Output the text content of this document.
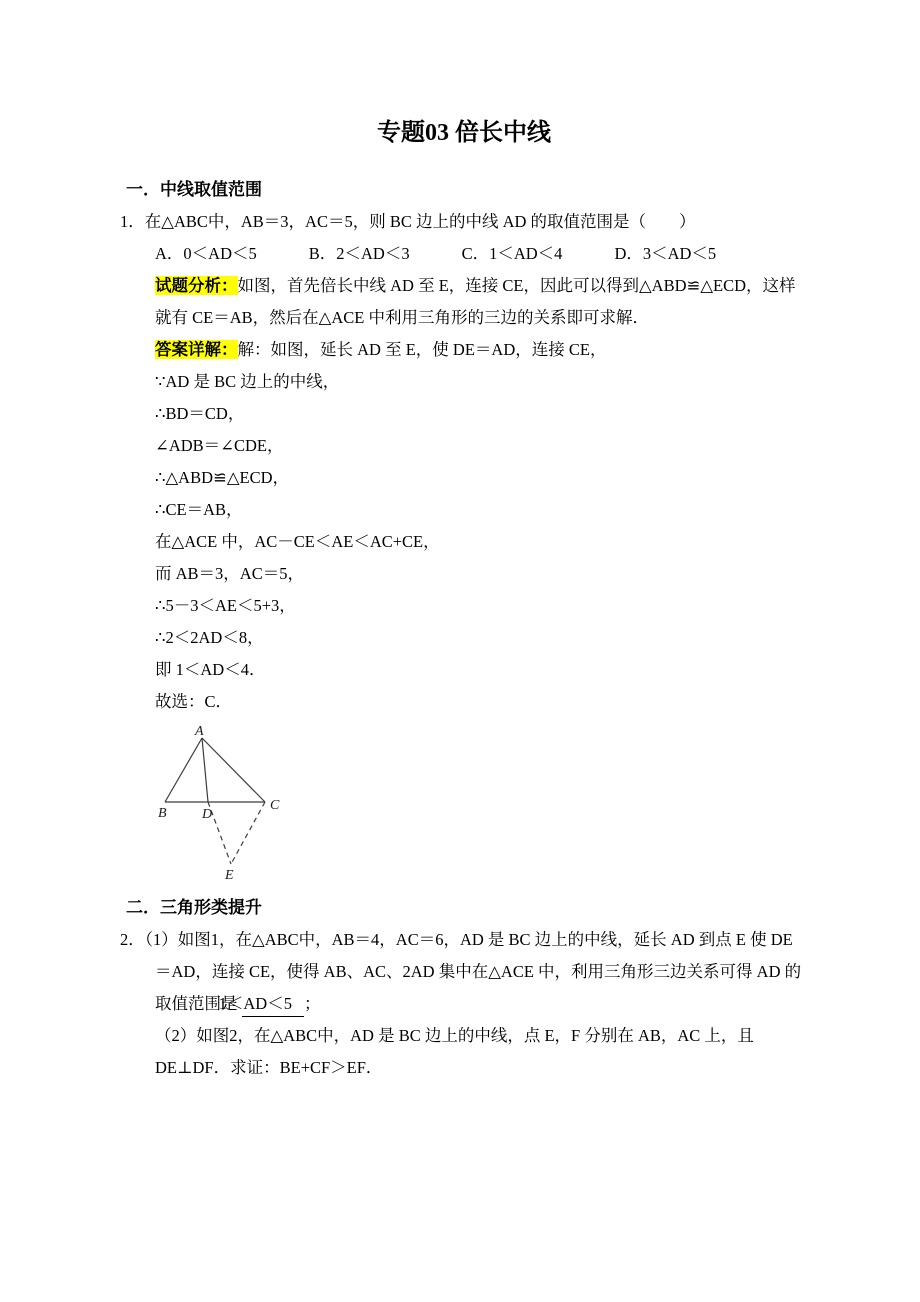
专题03 倍长中线
一．中线取值范围
1．在△ABC中，AB＝3，AC＝5，则 BC 边上的中线 AD 的取值范围是（　　）
A．0＜AD＜5	B．2＜AD＜3	C．1＜AD＜4	D．3＜AD＜5
试题分析：如图，首先倍长中线 AD 至 E，连接 CE，因此可以得到△ABD≌△ECD，这样就有 CE＝AB，然后在△ACE 中利用三角形的三边的关系即可求解．
答案详解：解：如图，延长 AD 至 E，使 DE＝AD，连接 CE，
∵AD 是 BC 边上的中线，
∴BD＝CD，
∠ADB＝∠CDE，
∴△ABD≌△ECD，
∴CE＝AB，
在△ACE 中，AC－CE＜AE＜AC+CE，
而 AB＝3，AC＝5，
∴5－3＜AE＜5+3，
∴2＜2AD＜8，
即 1＜AD＜4．
故选：C．
A
B	D
C
E
二．三角形类提升
2．（1）如图1，在△ABC中，AB＝4，AC＝6，AD 是 BC 边上的中线，延长 AD 到点 E 使 DE＝AD，连接 CE，使得 AB、AC、2AD 集中在△ACE 中，利用三角形三边关系可得 AD 的取值范围是 1＜AD＜5 ；
（2）如图2，在△ABC中，AD 是 BC 边上的中线，点 E，F 分别在 AB，AC 上，且 DE⊥DF．求证：BE+CF＞EF．
